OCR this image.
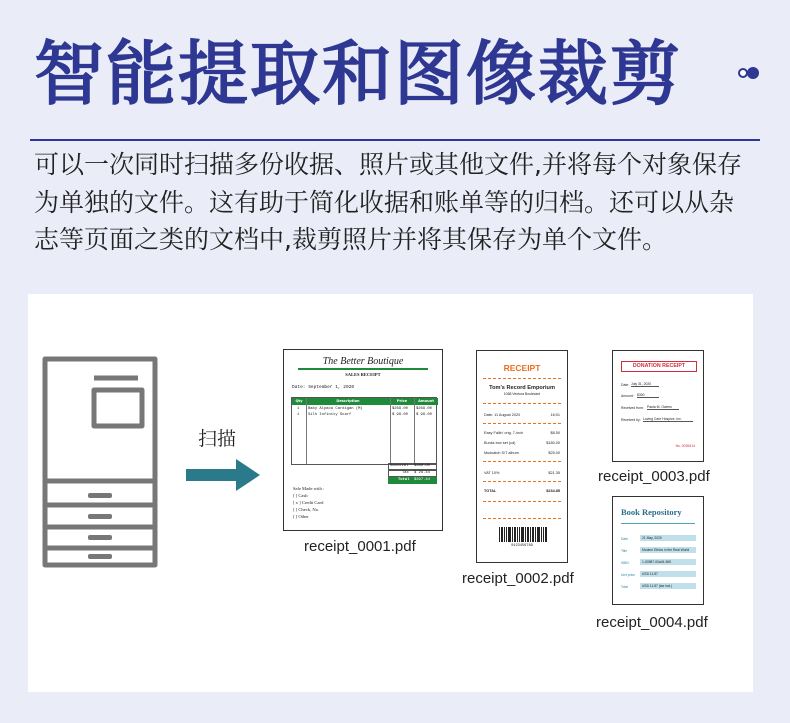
智能提取和图像裁剪
可以一次同时扫描多份收据、照片或其他文件,并将每个对象保存为单独的文件。这有助于简化收据和账单等的归档。还可以从杂志等页面之类的文档中,裁剪照片并将其保存为单个文件。
扫描
The Better Boutique
SALES RECEIPT
Date: September 1, 2020
Qty	Description	Price	Amount
1 Baby Alpaca Cardigan (M)	$269.00 $269.00
1 Silk Infinity Scarf	$ 99.00 $ 99.00
Subtotal $368.00
Tax $ 29.44
Total $397.44
Sale Made with :
[ ] Cash
[ x ] Credit Card
[ ] Check, No.
[ ] Other
receipt_0001.pdf
RECEIPT
Tom's Record Emporium
1068 Ventura Boulevard
Date: 11 August 2020	16:01
Easy Fallin' orig. 7-inch	$8.50
Bunks box set (cd)	$180.00
Mudcatch S/T album	$25.00
VAT 10%	$21.35
TOTAL	$234.85
0123456789
receipt_0002.pdf
DONATION RECEIPT
Date: July 31, 2020
Amount: $300
Received from: Paula M. Owens
Received by: Loving Care Hospice, Inc.
No. 0095414
receipt_0003.pdf
Book Repository
Date	21 May, 2020
Title	Modern Ethics in the Real World
ISBN	1-00987-00a04-965
Unit price	USD 11.87
Total	USD 11.87 (tax incl.)
receipt_0004.pdf
